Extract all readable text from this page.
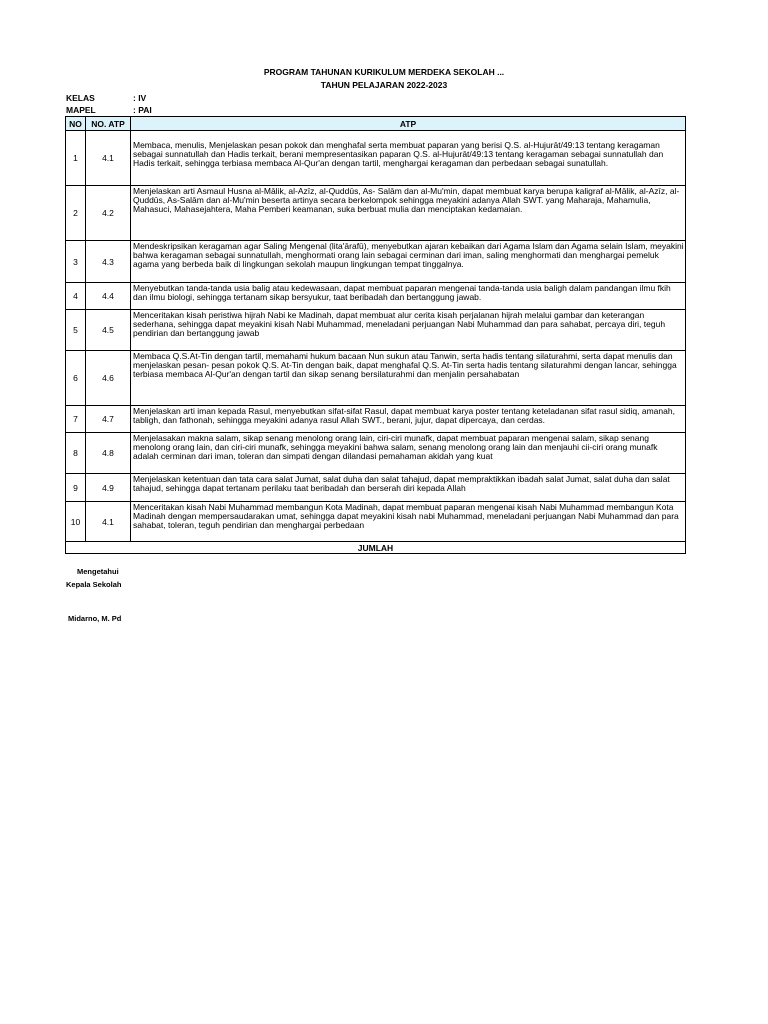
PROGRAM TAHUNAN KURIKULUM MERDEKA SEKOLAH ...
TAHUN PELAJARAN 2022-2023
KELAS	: IV
MAPEL	: PAI
NO	NO. ATP	ATP
1	4.1	Membaca, menulis, Menjelaskan pesan pokok dan menghafal serta membuat paparan yang berisi Q.S. al-Hujurāt/49:13 tentang keragaman sebagai sunnatullah dan Hadis terkait, berani mempresentasikan paparan Q.S. al-Hujurāt/49:13 tentang keragaman sebagai sunnatullah dan Hadis terkait, sehingga terbiasa membaca Al-Qur'an dengan tartil, menghargai keragaman dan perbedaan sebagai sunatullah.
2	4.2	Menjelaskan arti Asmaul Husna al-Mālik, al-Azīz, al-Quddūs, As- Salām dan al-Mu'min, dapat membuat karya berupa kaligraf al-Mālik, al-Azīz, al-Quddūs, As-Salām dan al-Mu'min beserta artinya secara berkelompok sehingga meyakini adanya Allah SWT. yang Maharaja, Mahamulia, Mahasuci, Mahasejahtera, Maha Pemberi keamanan, suka berbuat mulia dan menciptakan kedamaian.
3	4.3	Mendeskripsikan keragaman agar Saling Mengenal (lita'ārafū), menyebutkan ajaran kebaikan dari Agama Islam dan Agama selain Islam, meyakini bahwa keragaman sebagai sunnatullah, menghormati orang lain sebagai cerminan dari iman, saling menghormati dan menghargai pemeluk agama yang berbeda baik di lingkungan sekolah maupun lingkungan tempat tinggalnya.
4	4.4	Menyebutkan tanda-tanda usia balig atau kedewasaan, dapat membuat paparan mengenai tanda-tanda usia baligh dalam pandangan ilmu fkih dan ilmu biologi, sehingga tertanam sikap bersyukur, taat beribadah dan bertanggung jawab.
5	4.5	Menceritakan kisah peristiwa hijrah Nabi ke Madinah, dapat membuat alur cerita kisah perjalanan hijrah melalui gambar dan keterangan sederhana, sehingga dapat meyakini kisah Nabi Muhammad, meneladani perjuangan Nabi Muhammad dan para sahabat, percaya diri, teguh pendirian dan bertanggung jawab
6	4.6	Membaca Q.S.At-Tin dengan tartil, memahami hukum bacaan Nun sukun atau Tanwin, serta hadis tentang silaturahmi, serta dapat menulis dan menjelaskan pesan- pesan pokok Q.S. At-Tin dengan baik, dapat menghafal Q.S. At-Tin serta hadis tentang silaturahmi dengan lancar, sehingga terbiasa membaca Al-Qur'an dengan tartil dan sikap senang bersilaturahmi dan menjalin persahabatan
7	4.7	Menjelaskan arti iman kepada Rasul, menyebutkan sifat-sifat Rasul, dapat membuat karya poster tentang keteladanan sifat rasul sidiq, amanah, tabligh, dan fathonah, sehingga meyakini adanya rasul Allah SWT., berani, jujur, dapat dipercaya, dan cerdas.
8	4.8	Menjelasakan makna salam, sikap senang menolong orang lain, ciri-ciri munafk, dapat membuat paparan mengenai salam, sikap senang menolong orang lain, dan ciri-ciri munafk, sehingga meyakini bahwa salam, senang menolong orang lain dan menjauhi cii-ciri orang munafk adalah cerminan dari iman, toleran dan simpati dengan dilandasi pemahaman akidah yang kuat
9	4.9	Menjelaskan ketentuan dan tata cara salat Jumat, salat duha dan salat tahajud, dapat mempraktikkan ibadah salat Jumat, salat duha dan salat tahajud, sehingga dapat tertanam perilaku taat beribadah dan berserah diri kepada Allah
10	4.1	Menceritakan kisah Nabi Muhammad membangun Kota Madinah, dapat membuat paparan mengenai kisah Nabi Muhammad membangun Kota Madinah dengan mempersaudarakan umat, sehingga dapat meyakini kisah nabi Muhammad, meneladani perjuangan Nabi Muhammad dan para sahabat, toleran, teguh pendirian dan menghargai perbedaan
JUMLAH		
Mengetahui
Kepala Sekolah
Midarno, M. Pd
